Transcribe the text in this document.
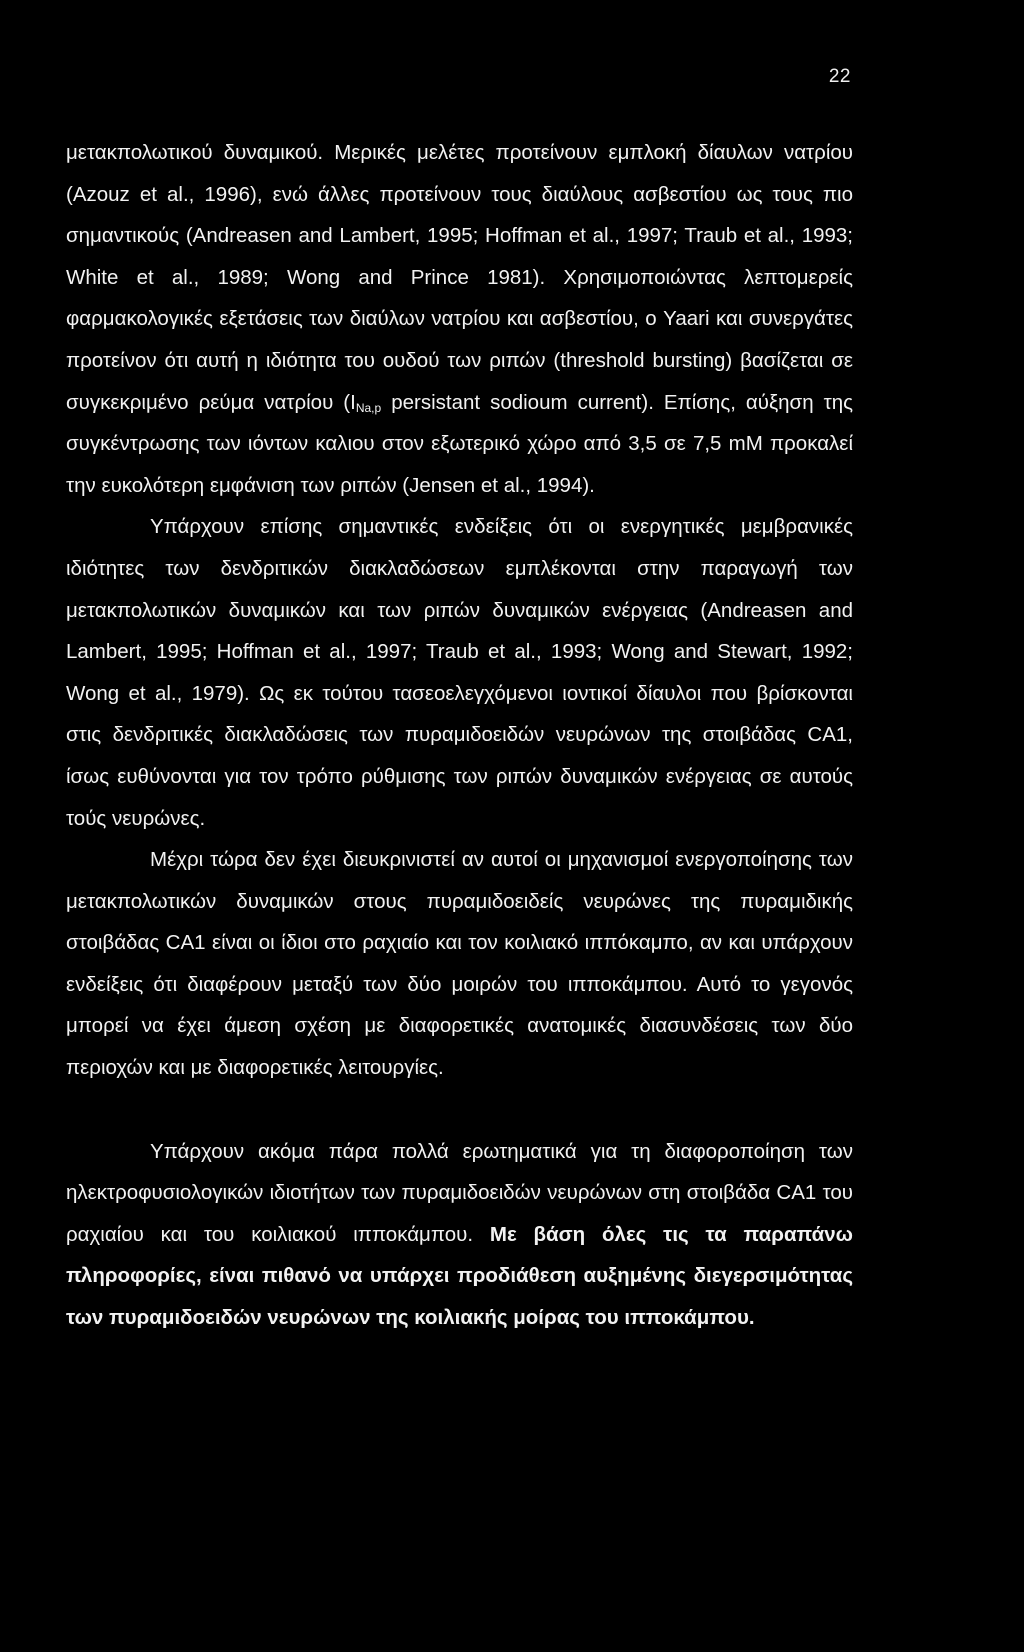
22

μετακπολωτικού δυναμικού. Μερικές μελέτες προτείνουν εμπλοκή δίαυλων νατρίου (Azouz et al., 1996), ενώ άλλες προτείνουν τους διαύλους ασβεστίου ως τους πιο σημαντικούς (Andreasen and Lambert, 1995; Hoffman et al., 1997; Traub et al., 1993; White et al., 1989; Wong and Prince 1981). Χρησιμοποιώντας λεπτομερείς φαρμακολογικές εξετάσεις των διαύλων νατρίου και ασβεστίου, ο Yaari και συνεργάτες προτείνον ότι αυτή η ιδιότητα του ουδού των ριπών (threshold bursting) βασίζεται σε συγκεκριμένο ρεύμα νατρίου ($I_{Na,p}$ persistant sodioum current). Επίσης, αύξηση της συγκέντρωσης των ιόντων καλιου στον εξωτερικό χώρο από 3,5 σε 7,5 mM προκαλεί την ευκολότερη εμφάνιση των ριπών (Jensen et al., 1994).

Υπάρχουν επίσης σημαντικές ενδείξεις ότι οι ενεργητικές μεμβρανικές ιδιότητες των δενδριτικών διακλαδώσεων εμπλέκονται στην παραγωγή των μετακπολωτικών δυναμικών και των ριπών δυναμικών ενέργειας (Andreasen and Lambert, 1995; Hoffman et al., 1997; Traub et al., 1993; Wong and Stewart, 1992; Wong et al., 1979). Ως εκ τούτου τασεοελεγχόμενοι ιοντικοί δίαυλοι που βρίσκονται στις δενδριτικές διακλαδώσεις των πυραμιδοειδών νευρώνων της στοιβάδας CA1, ίσως ευθύνονται για τον τρόπο ρύθμισης των ριπών δυναμικών ενέργειας σε αυτούς τούς νευρώνες.

Μέχρι τώρα δεν έχει διευκρινιστεί αν αυτοί οι μηχανισμοί ενεργοποίησης των μετακπολωτικών δυναμικών στους πυραμιδοειδείς νευρώνες της πυραμιδικής στοιβάδας CA1 είναι οι ίδιοι στο ραχιαίο και τον κοιλιακό ιππόκαμπο, αν και υπάρχουν ενδείξεις ότι διαφέρουν μεταξύ των δύο μοιρών του ιπποκάμπου. Αυτό το γεγονός μπορεί να έχει άμεση σχέση με διαφορετικές ανατομικές διασυνδέσεις των δύο περιοχών και με διαφορετικές λειτουργίες.

Υπάρχουν ακόμα πάρα πολλά ερωτηματικά για τη διαφοροποίηση των ηλεκτροφυσιολογικών ιδιοτήτων των πυραμιδοειδών νευρώνων στη στοιβάδα CA1 του ραχιαίου και του κοιλιακού ιπποκάμπου. Με βάση όλες τις τα παραπάνω πληροφορίες, είναι πιθανό να υπάρχει προδιάθεση αυξημένης διεγερσιμότητας των πυραμιδοειδών νευρώνων της κοιλιακής μοίρας του ιπποκάμπου.
